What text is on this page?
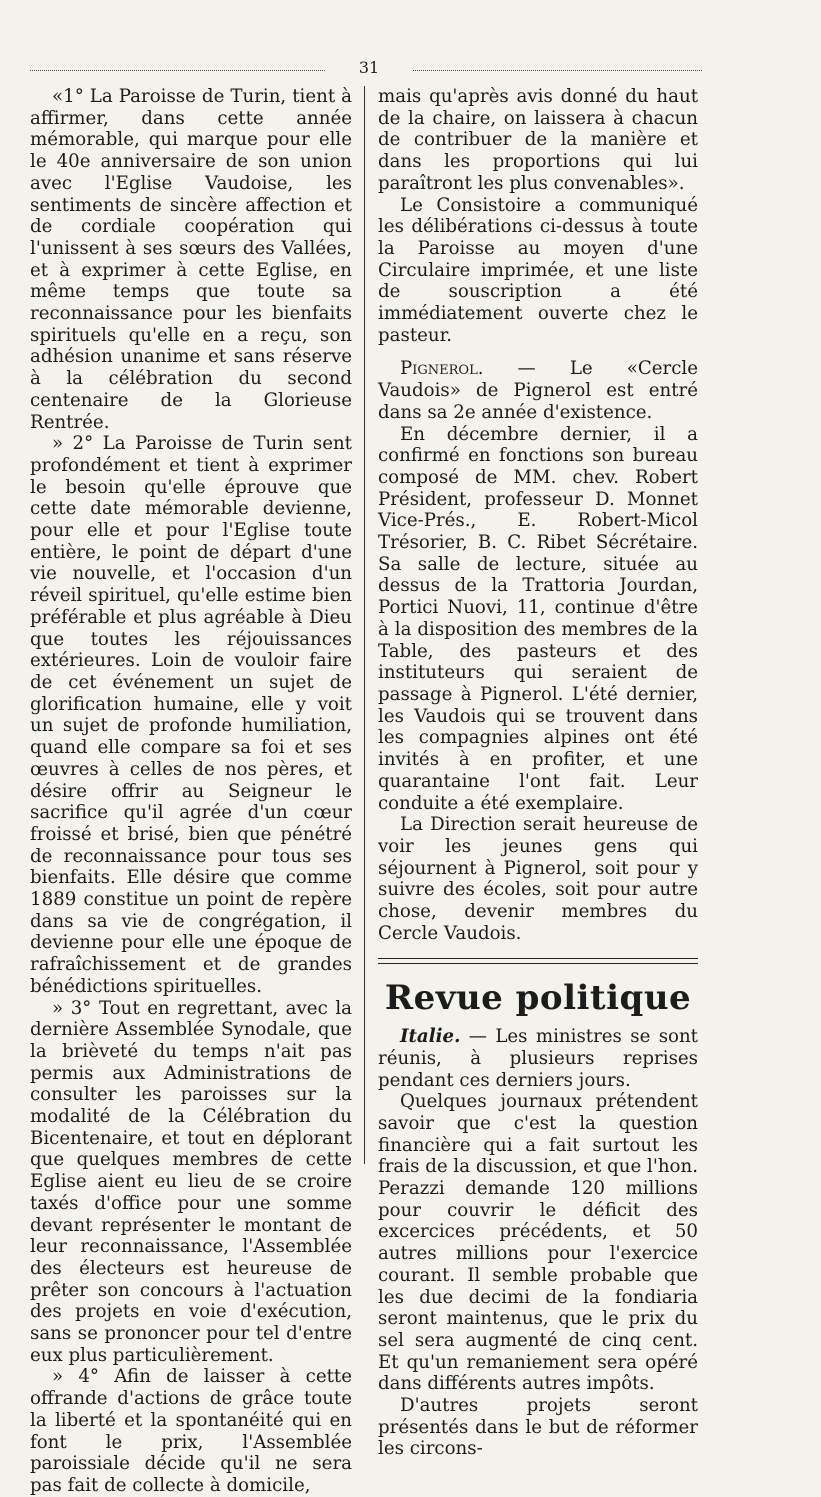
31

«1° La Paroisse de Turin, tient à affirmer, dans cette année mémorable, qui marque pour elle le 40e anniversaire de son union avec l'Eglise Vaudoise, les sentiments de sincère affection et de cordiale coopération qui l'unissent à ses sœurs des Vallées, et à exprimer à cette Eglise, en même temps que toute sa reconnaissance pour les bienfaits spirituels qu'elle en a reçu, son adhésion unanime et sans réserve à la célébration du second centenaire de la Glorieuse Rentrée.

» 2° La Paroisse de Turin sent profondément et tient à exprimer le besoin qu'elle éprouve que cette date mémorable devienne, pour elle et pour l'Eglise toute entière, le point de départ d'une vie nouvelle, et l'occasion d'un réveil spirituel, qu'elle estime bien préférable et plus agréable à Dieu que toutes les réjouissances extérieures. Loin de vouloir faire de cet événement un sujet de glorification humaine, elle y voit un sujet de profonde humiliation, quand elle compare sa foi et ses œuvres à celles de nos pères, et désire offrir au Seigneur le sacrifice qu'il agrée d'un cœur froissé et brisé, bien que pénétré de reconnaissance pour tous ses bienfaits. Elle désire que comme 1889 constitue un point de repère dans sa vie de congrégation, il devienne pour elle une époque de rafraîchissement et de grandes bénédictions spirituelles.

» 3° Tout en regrettant, avec la dernière Assemblée Synodale, que la brièveté du temps n'ait pas permis aux Administrations de consulter les paroisses sur la modalité de la Célébration du Bicentenaire, et tout en déplorant que quelques membres de cette Eglise aient eu lieu de se croire taxés d'office pour une somme devant représenter le montant de leur reconnaissance, l'Assemblée des électeurs est heureuse de prêter son concours à l'actuation des projets en voie d'exécution, sans se prononcer pour tel d'entre eux plus particulièrement.

» 4° Afin de laisser à cette offrande d'actions de grâce toute la liberté et la spontanéité qui en font le prix, l'Assemblée paroissiale décide qu'il ne sera pas fait de collecte à domicile,

mais qu'après avis donné du haut de la chaire, on laissera à chacun de contribuer de la manière et dans les proportions qui lui paraîtront les plus convenables».

Le Consistoire a communiqué les délibérations ci-dessus à toute la Paroisse au moyen d'une Circulaire imprimée, et une liste de souscription a été immédiatement ouverte chez le pasteur.

Pignerol. — Le «Cercle Vaudois» de Pignerol est entré dans sa 2e année d'existence.

En décembre dernier, il a confirmé en fonctions son bureau composé de MM. chev. Robert Président, professeur D. Monnet Vice-Prés., E. Robert-Micol Trésorier, B. C. Ribet Sécrétaire. Sa salle de lecture, située au dessus de la Trattoria Jourdan, Portici Nuovi, 11, continue d'être à la disposition des membres de la Table, des pasteurs et des instituteurs qui seraient de passage à Pignerol. L'été dernier, les Vaudois qui se trouvent dans les compagnies alpines ont été invités à en profiter, et une quarantaine l'ont fait. Leur conduite a été exemplaire.

La Direction serait heureuse de voir les jeunes gens qui séjournent à Pignerol, soit pour y suivre des écoles, soit pour autre chose, devenir membres du Cercle Vaudois.

Revue politique

Italie. — Les ministres se sont réunis, à plusieurs reprises pendant ces derniers jours.

Quelques journaux prétendent savoir que c'est la question financière qui a fait surtout les frais de la discussion, et que l'hon. Perazzi demande 120 millions pour couvrir le déficit des excercices précédents, et 50 autres millions pour l'exercice courant. Il semble probable que les due decimi de la fondiaria seront maintenus, que le prix du sel sera augmenté de cinq cent. Et qu'un remaniement sera opéré dans différents autres impôts.

D'autres projets seront présentés dans le but de réformer les circons-
